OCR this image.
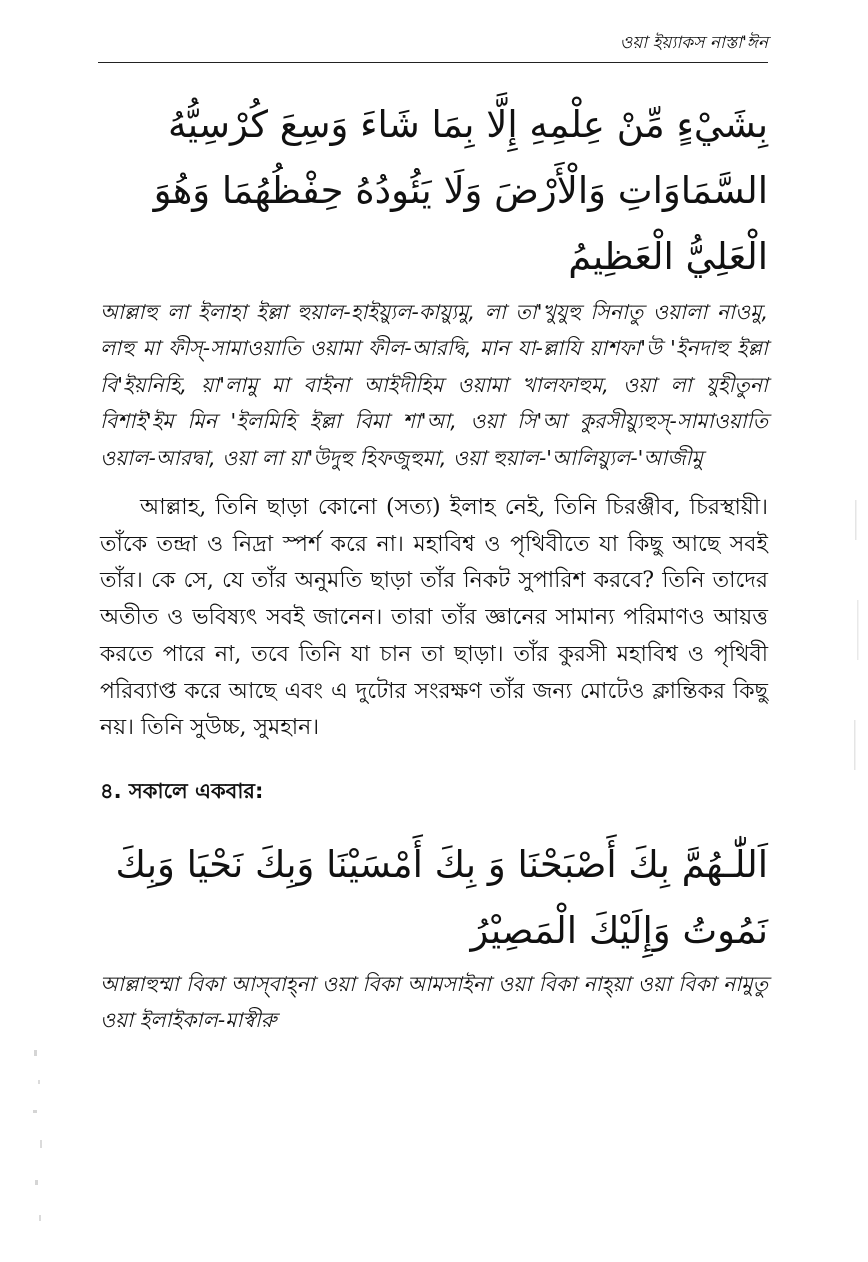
ওয়া ইয়্যাকস নাস্তা'ঈন

بِشَيْءٍ مِّنْ عِلْمِهِ إِلَّا بِمَا شَاءَ وَسِعَ كُرْسِيُّهُ السَّمَاوَاتِ وَالْأَرْضَ وَلَا يَئُودُهُ حِفْظُهُمَا وَهُوَ الْعَلِيُّ الْعَظِيمُ

আল্লাহু লা ইলাহা ইল্লা হুয়াল-হাইয়্যুল-কায়্যুমু, লা তা'খুযুহু সিনাতু ওয়ালা নাওমু, লাহু মা ফীস্-সামাওয়াতি ওয়ামা ফীল-আরদ্বি, মান যা-ল্লাযি য়াশফা'উ 'ইনদাহু ইল্লা বি'ইয়নিহি, য়া'লামু মা বাইনা আইদীহিম ওয়ামা খালফাহুম, ওয়া লা যুহীতুনা বিশাই'ইম মিন 'ইলমিহি ইল্লা বিমা শা'আ, ওয়া সি'আ কুরসীয়্যুহুস্-সামাওয়াতি ওয়াল-আরদ্বা, ওয়া লা য়া'উদুহু হিফজুহুমা, ওয়া হুয়াল-'আলিয়্যুল-'আজীমু

আল্লাহ, তিনি ছাড়া কোনো (সত্য) ইলাহ নেই, তিনি চিরঞ্জীব, চিরস্থায়ী। তাঁকে তন্দ্রা ও নিদ্রা স্পর্শ করে না। মহাবিশ্ব ও পৃথিবীতে যা কিছু আছে সবই তাঁর। কে সে, যে তাঁর অনুমতি ছাড়া তাঁর নিকট সুপারিশ করবে? তিনি তাদের অতীত ও ভবিষ্যৎ সবই জানেন। তারা তাঁর জ্ঞানের সামান্য পরিমাণও আয়ত্ত করতে পারে না, তবে তিনি যা চান তা ছাড়া। তাঁর কুরসী মহাবিশ্ব ও পৃথিবী পরিব্যাপ্ত করে আছে এবং এ দুটোর সংরক্ষণ তাঁর জন্য মোটেও ক্লান্তিকর কিছু নয়। তিনি সুউচ্চ, সুমহান।

৪. সকালে একবার:

اَللّٰـهُمَّ بِكَ أَصْبَحْنَا وَ بِكَ أَمْسَيْنَا وَبِكَ نَحْيَا وَبِكَ نَمُوتُ وَإِلَيْكَ الْمَصِيْرُ

আল্লাহুম্মা বিকা আস্‌বাহ্‌না ওয়া বিকা আমসাইনা ওয়া বিকা নাহ্‌য়া ওয়া বিকা নামুতু ওয়া ইলাইকাল-মাস্বীরু
